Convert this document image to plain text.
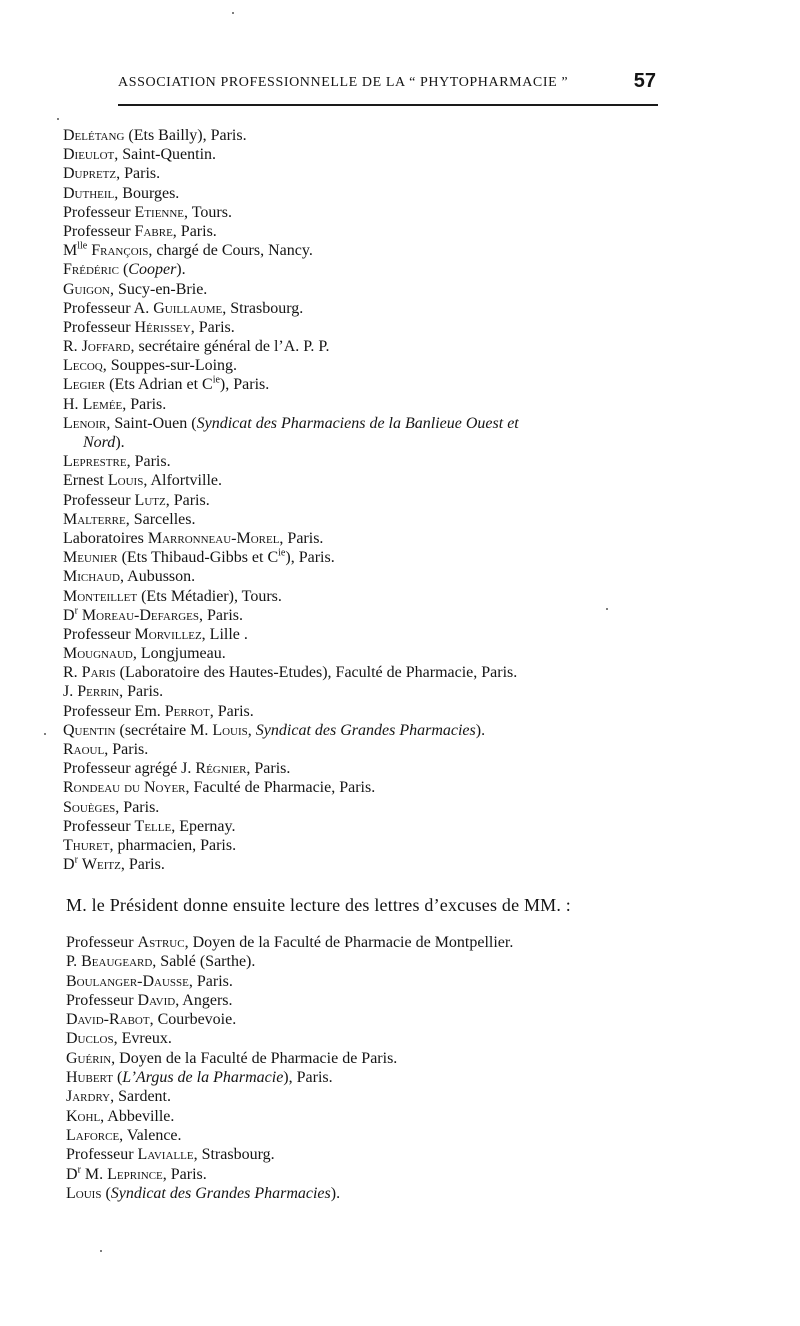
ASSOCIATION PROFESSIONNELLE DE LA “ PHYTOPHARMACIE ”	57
Delétang (Ets Bailly), Paris.
Dieulot, Saint-Quentin.
Dupretz, Paris.
Dutheil, Bourges.
Professeur Etienne, Tours.
Professeur Fabre, Paris.
$M^{lle}$ François, chargé de Cours, Nancy.
Frédéric (Cooper).
Guigon, Sucy-en-Brie.
Professeur A. Guillaume, Strasbourg.
Professeur Hérissey, Paris.
R. Joffard, secrétaire général de l’A. P. P.
Lecoq, Souppes-sur-Loing.
Legier (Ets Adrian et $C^{ie}$), Paris.
H. Lemée, Paris.
Lenoir, Saint-Ouen (Syndicat des Pharmaciens de la Banlieue Ouest et
Nord).
Leprestre, Paris.
Ernest Louis, Alfortville.
Professeur Lutz, Paris.
Malterre, Sarcelles.
Laboratoires Marronneau-Morel, Paris.
Meunier (Ets Thibaud-Gibbs et $C^{ie}$), Paris.
Michaud, Aubusson.
Monteillet (Ets Métadier), Tours.
$D^r$ Moreau-Defarges, Paris.
Professeur Morvillez, Lille .
Mougnaud, Longjumeau.
R. Paris (Laboratoire des Hautes-Etudes), Faculté de Pharmacie, Paris.
J. Perrin, Paris.
Professeur Em. Perrot, Paris.
Quentin (secrétaire M. Louis, Syndicat des Grandes Pharmacies).
Raoul, Paris.
Professeur agrégé J. Régnier, Paris.
Rondeau du Noyer, Faculté de Pharmacie, Paris.
Souèges, Paris.
Professeur Telle, Epernay.
Thuret, pharmacien, Paris.
$D^r$ Weitz, Paris.
M. le Président donne ensuite lecture des lettres d’excuses de MM. :
Professeur Astruc, Doyen de la Faculté de Pharmacie de Montpellier.
P. Beaugeard, Sablé (Sarthe).
Boulanger-Dausse, Paris.
Professeur David, Angers.
David-Rabot, Courbevoie.
Duclos, Evreux.
Guérin, Doyen de la Faculté de Pharmacie de Paris.
Hubert (L’Argus de la Pharmacie), Paris.
Jardry, Sardent.
Kohl, Abbeville.
Laforce, Valence.
Professeur Lavialle, Strasbourg.
$D^r$ M. Leprince, Paris.
Louis (Syndicat des Grandes Pharmacies).
